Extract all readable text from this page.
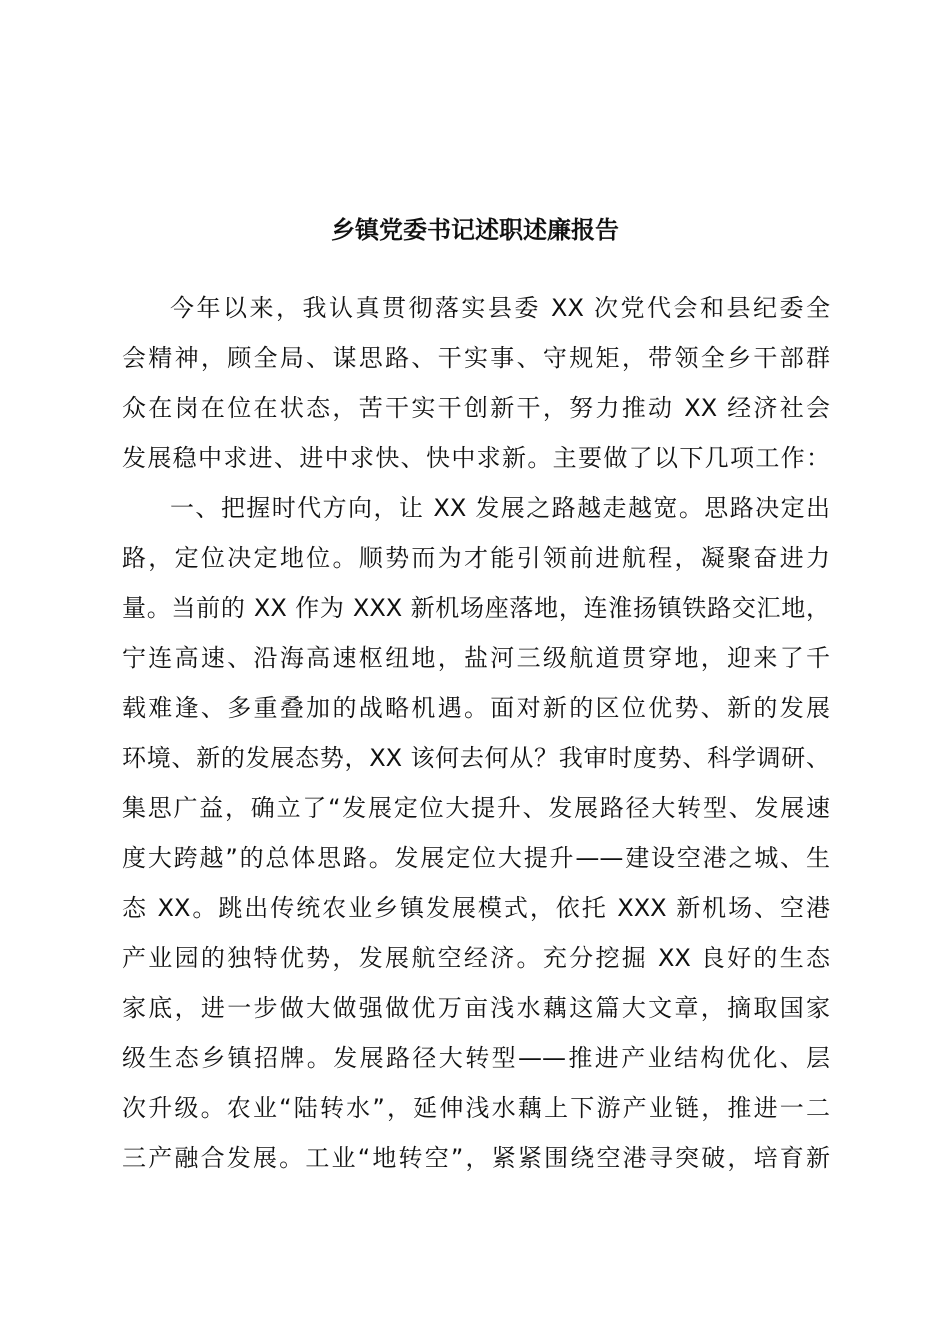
乡镇党委书记述职述廉报告
今年以来，我认真贯彻落实县委 XX 次党代会和县纪委全
会精神，顾全局、谋思路、干实事、守规矩，带领全乡干部群
众在岗在位在状态，苦干实干创新干，努力推动 XX 经济社会
发展稳中求进、进中求快、快中求新。主要做了以下几项工作：
一、把握时代方向，让 XX 发展之路越走越宽。思路决定出
路，定位决定地位。顺势而为才能引领前进航程，凝聚奋进力
量。当前的 XX 作为 XXX 新机场座落地，连淮扬镇铁路交汇地，
宁连高速、沿海高速枢纽地，盐河三级航道贯穿地，迎来了千
载难逢、多重叠加的战略机遇。面对新的区位优势、新的发展
环境、新的发展态势，XX 该何去何从？我审时度势、科学调研、
集思广益，确立了“发展定位大提升、发展路径大转型、发展速
度大跨越”的总体思路。发展定位大提升——建设空港之城、生
态 XX。跳出传统农业乡镇发展模式，依托 XXX 新机场、空港
产业园的独特优势，发展航空经济。充分挖掘 XX 良好的生态
家底，进一步做大做强做优万亩浅水藕这篇大文章，摘取国家
级生态乡镇招牌。发展路径大转型——推进产业结构优化、层
次升级。农业“陆转水”，延伸浅水藕上下游产业链，推进一二
三产融合发展。工业“地转空”，紧紧围绕空港寻突破，培育新
